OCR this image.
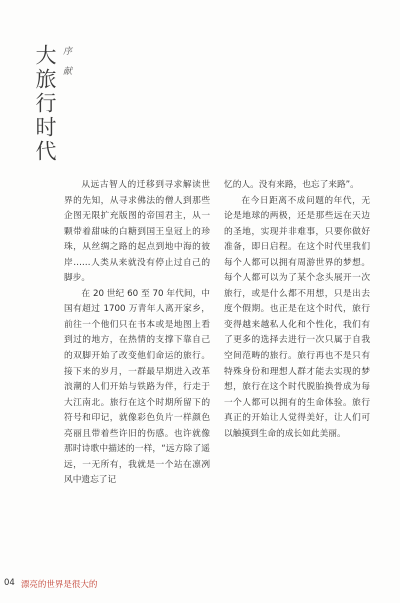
序 献
大旅行时代

从远古智人的迁移到寻求解读世界的先知，从寻求佛法的僧人到那些企图无限扩充版图的帝国君主，从一颗带着甜味的白糖到国王皇冠上的珍珠，从丝绸之路的起点到地中海的彼岸……人类从来就没有停止过自己的脚步。

在 20 世纪 60 至 70 年代间，中国有超过 1700 万青年人离开家乡，前往一个他们只在书本或是地图上看到过的地方，在热情的支撑下靠自己的双脚开始了改变他们命运的旅行。接下来的岁月，一群最早期进入改革浪潮的人们开始与铁路为伴，行走于大江南北。旅行在这个时期所留下的符号和印记，就像彩色负片一样颜色亮丽且带着些许旧的伤感。也许就像那时诗歌中描述的一样，“远方除了遥远，一无所有，我就是一个站在凛冽风中遗忘了记

忆的人。没有来路，也忘了来路”。

在今日距离不成问题的年代，无论是地球的两极，还是那些远在天边的圣地，实现并非难事，只要你做好准备，即日启程。在这个时代里我们每个人都可以拥有周游世界的梦想。每个人都可以为了某个念头展开一次旅行，或是什么都不用想，只是出去度个假期。也正是在这个时代，旅行变得越来越私人化和个性化，我们有了更多的选择去进行一次只属于自我空间范畴的旅行。旅行再也不是只有特殊身份和理想人群才能去实现的梦想，旅行在这个时代脱胎换骨成为每一个人都可以拥有的生命体验。旅行真正的开始让人觉得美好，让人们可以触摸到生命的成长如此美丽。

04 漂亮的世界是很大的
